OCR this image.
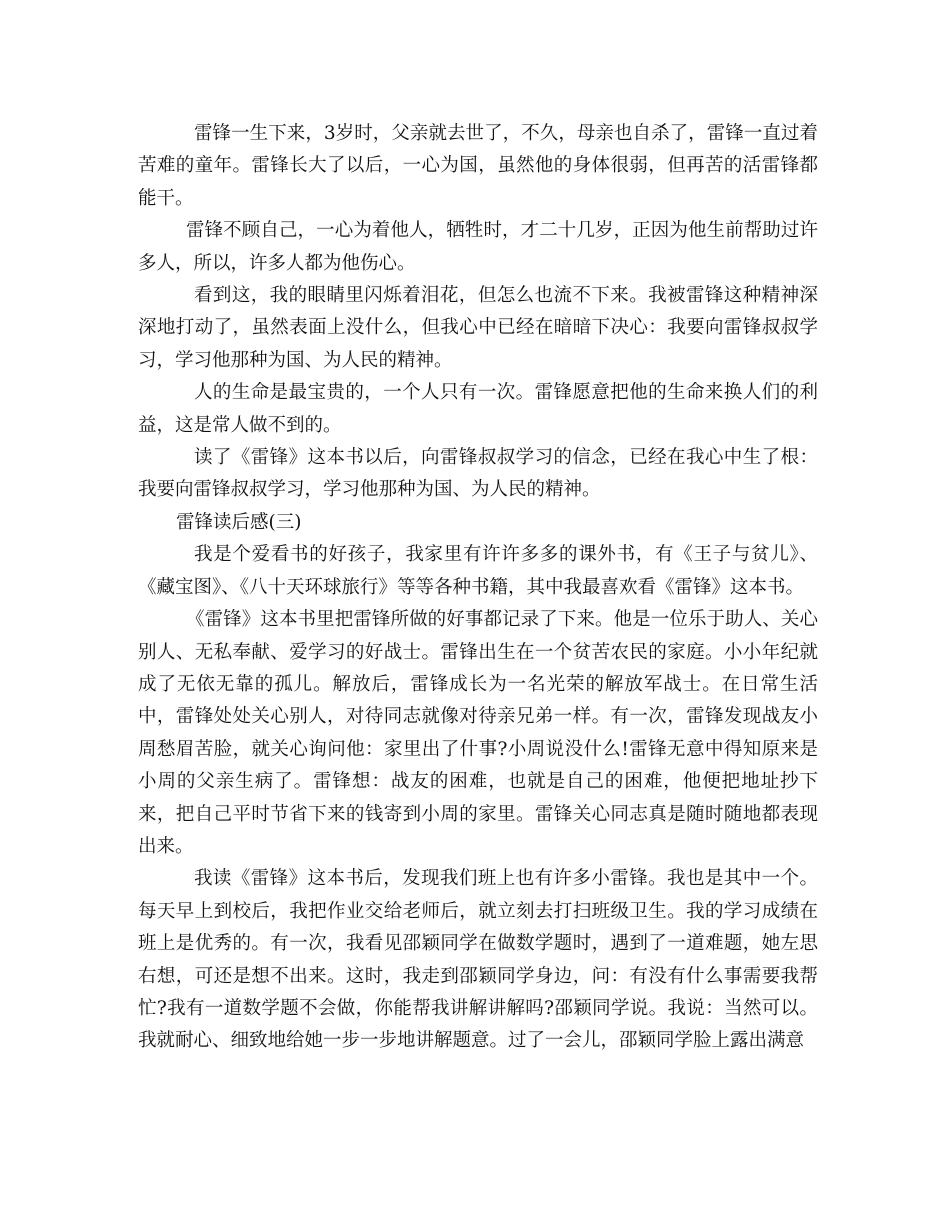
雷锋一生下来，3岁时，父亲就去世了，不久，母亲也自杀了，雷锋一直过着苦难的童年。雷锋长大了以后，一心为国，虽然他的身体很弱，但再苦的活雷锋都能干。

雷锋不顾自己，一心为着他人，牺牲时，才二十几岁，正因为他生前帮助过许多人，所以，许多人都为他伤心。

看到这，我的眼睛里闪烁着泪花，但怎么也流不下来。我被雷锋这种精神深深地打动了，虽然表面上没什么，但我心中已经在暗暗下决心：我要向雷锋叔叔学习，学习他那种为国、为人民的精神。

人的生命是最宝贵的，一个人只有一次。雷锋愿意把他的生命来换人们的利益，这是常人做不到的。

读了《雷锋》这本书以后，向雷锋叔叔学习的信念，已经在我心中生了根：我要向雷锋叔叔学习，学习他那种为国、为人民的精神。

雷锋读后感(三)

我是个爱看书的好孩子，我家里有许许多多的课外书，有《王子与贫儿》、《藏宝图》、《八十天环球旅行》等等各种书籍，其中我最喜欢看《雷锋》这本书。

《雷锋》这本书里把雷锋所做的好事都记录了下来。他是一位乐于助人、关心别人、无私奉献、爱学习的好战士。雷锋出生在一个贫苦农民的家庭。小小年纪就成了无依无靠的孤儿。解放后，雷锋成长为一名光荣的解放军战士。在日常生活中，雷锋处处关心别人，对待同志就像对待亲兄弟一样。有一次，雷锋发现战友小周愁眉苦脸，就关心询问他：家里出了什事?小周说没什么!雷锋无意中得知原来是小周的父亲生病了。雷锋想：战友的困难，也就是自己的困难，他便把地址抄下来，把自己平时节省下来的钱寄到小周的家里。雷锋关心同志真是随时随地都表现出来。

我读《雷锋》这本书后，发现我们班上也有许多小雷锋。我也是其中一个。每天早上到校后，我把作业交给老师后，就立刻去打扫班级卫生。我的学习成绩在班上是优秀的。有一次，我看见邵颖同学在做数学题时，遇到了一道难题，她左思右想，可还是想不出来。这时，我走到邵颖同学身边，问：有没有什么事需要我帮忙?我有一道数学题不会做，你能帮我讲解讲解吗?邵颖同学说。我说：当然可以。我就耐心、细致地给她一步一步地讲解题意。过了一会儿，邵颖同学脸上露出满意
